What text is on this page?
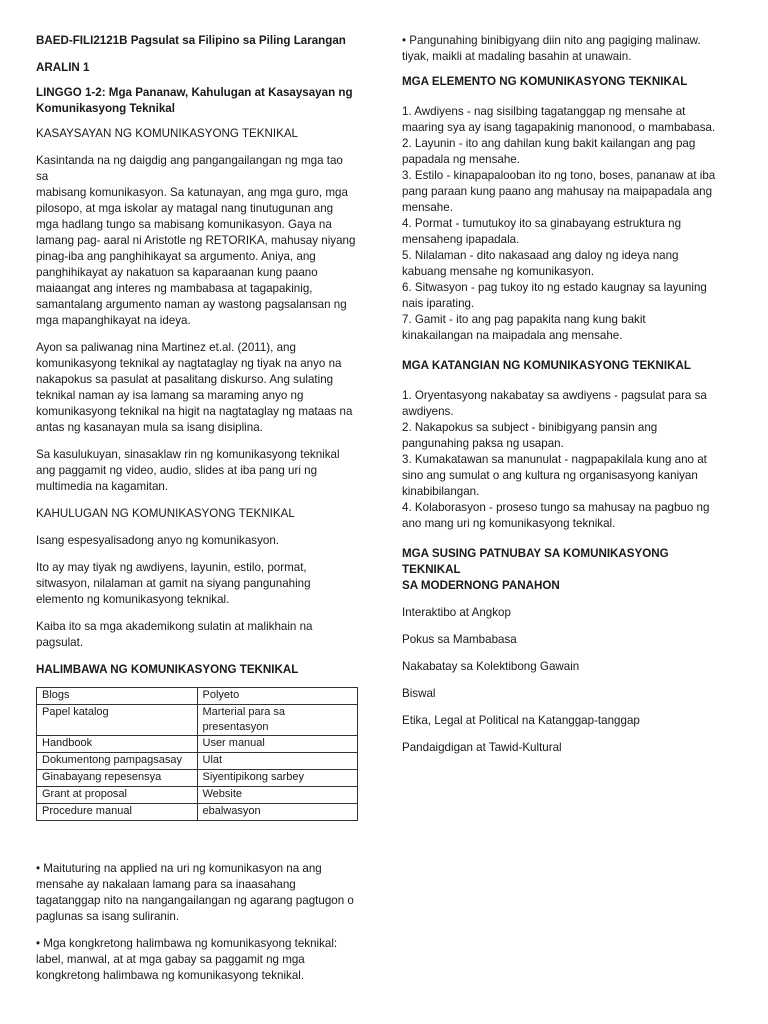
BAED-FILI2121B Pagsulat sa Filipino sa Piling Larangan

ARALIN 1

LINGGO 1-2: Mga Pananaw, Kahulugan at Kasaysayan ng
Komunikasyong Teknikal

KASAYSAYAN NG KOMUNIKASYONG TEKNIKAL

Kasintanda na ng daigdig ang pangangailangan ng mga tao sa
mabisang komunikasyon. Sa katunayan, ang mga guro, mga
pilosopo, at mga iskolar ay matagal nang tinutugunan ang
mga hadlang tungo sa mabisang komunikasyon. Gaya na
lamang pag- aaral ni Aristotle ng RETORIKA, mahusay niyang
pinag-iba ang panghihikayat sa argumento. Aniya, ang
panghihikayat ay nakatuon sa kaparaanan kung paano
maiaangat ang interes ng mambabasa at tagapakinig,
samantalang argumento naman ay wastong pagsalansan ng
mga mapanghikayat na ideya.

Ayon sa paliwanag nina Martinez et.al. (2011), ang
komunikasyong teknikal ay nagtataglay ng tiyak na anyo na
nakapokus sa pasulat at pasalitang diskurso. Ang sulating
teknikal naman ay isa lamang sa maraming anyo ng
komunikasyong teknikal na higit na nagtataglay ng mataas na
antas ng kasanayan mula sa isang disiplina.

Sa kasulukuyan, sinasaklaw rin ng komunikasyong teknikal
ang paggamit ng video, audio, slides at iba pang uri ng
multimedia na kagamitan.

KAHULUGAN NG KOMUNIKASYONG TEKNIKAL

Isang espesyalisadong anyo ng komunikasyon.

Ito ay may tiyak ng awdiyens, layunin, estilo, pormat,
sitwasyon, nilalaman at gamit na siyang pangunahing
elemento ng komunikasyong teknikal.

Kaiba ito sa mga akademikong sulatin at malikhain na
pagsulat.

HALIMBAWA NG KOMUNIKASYONG TEKNIKAL

Blogs	Polyeto
Papel katalog	Marterial para sa presentasyon
Handbook	User manual
Dokumentong pampagsasay	Ulat
Ginabayang repesensya	Siyentipikong sarbey
Grant at proposal	Website
Procedure manual	ebalwasyon

• Maituturing na applied na uri ng komunikasyon na ang
mensahe ay nakalaan lamang para sa inaasahang
tagatanggap nito na nangangailangan ng agarang pagtugon o
paglunas sa isang suliranin.

• Mga kongkretong halimbawa ng komunikasyong teknikal:
label, manwal, at at mga gabay sa paggamit ng mga
kongkretong halimbawa ng komunikasyong teknikal.

• Pangunahing binibigyang diin nito ang pagiging malinaw.
tiyak, maikli at madaling basahin at unawain.

MGA ELEMENTO NG KOMUNIKASYONG TEKNIKAL

1. Awdiyens - nag sisilbing tagatanggap ng mensahe at
maaring sya ay isang tagapakinig manonood, o mambabasa.
2. Layunin - ito ang dahilan kung bakit kailangan ang pag
papadala ng mensahe.
3. Estilo - kinapapalooban ito ng tono, boses, pananaw at iba
pang paraan kung paano ang mahusay na maipapadala ang
mensahe.
4. Pormat - tumutukoy ito sa ginabayang estruktura ng
mensaheng ipapadala.
5. Nilalaman - dito nakasaad ang daloy ng ideya nang
kabuang mensahe ng komunikasyon.
6. Sitwasyon - pag tukoy ito ng estado kaugnay sa layuning
nais iparating.
7. Gamit - ito ang pag papakita nang kung bakit
kinakailangan na maipadala ang mensahe.

MGA KATANGIAN NG KOMUNIKASYONG TEKNIKAL

1. Oryentasyong nakabatay sa awdiyens - pagsulat para sa
awdiyens.
2. Nakapokus sa subject - binibigyang pansin ang
pangunahing paksa ng usapan.
3. Kumakatawan sa manunulat - nagpapakilala kung ano at
sino ang sumulat o ang kultura ng organisasyong kaniyan
kinabibilangan.
4. Kolaborasyon - proseso tungo sa mahusay na pagbuo ng
ano mang uri ng komunikasyong teknikal.

MGA SUSING PATNUBAY SA KOMUNIKASYONG TEKNIKAL
SA MODERNONG PANAHON

Interaktibo at Angkop

Pokus sa Mambabasa

Nakabatay sa Kolektibong Gawain

Biswal

Etika, Legal at Political na Katanggap-tanggap

Pandaigdigan at Tawid-Kultural
